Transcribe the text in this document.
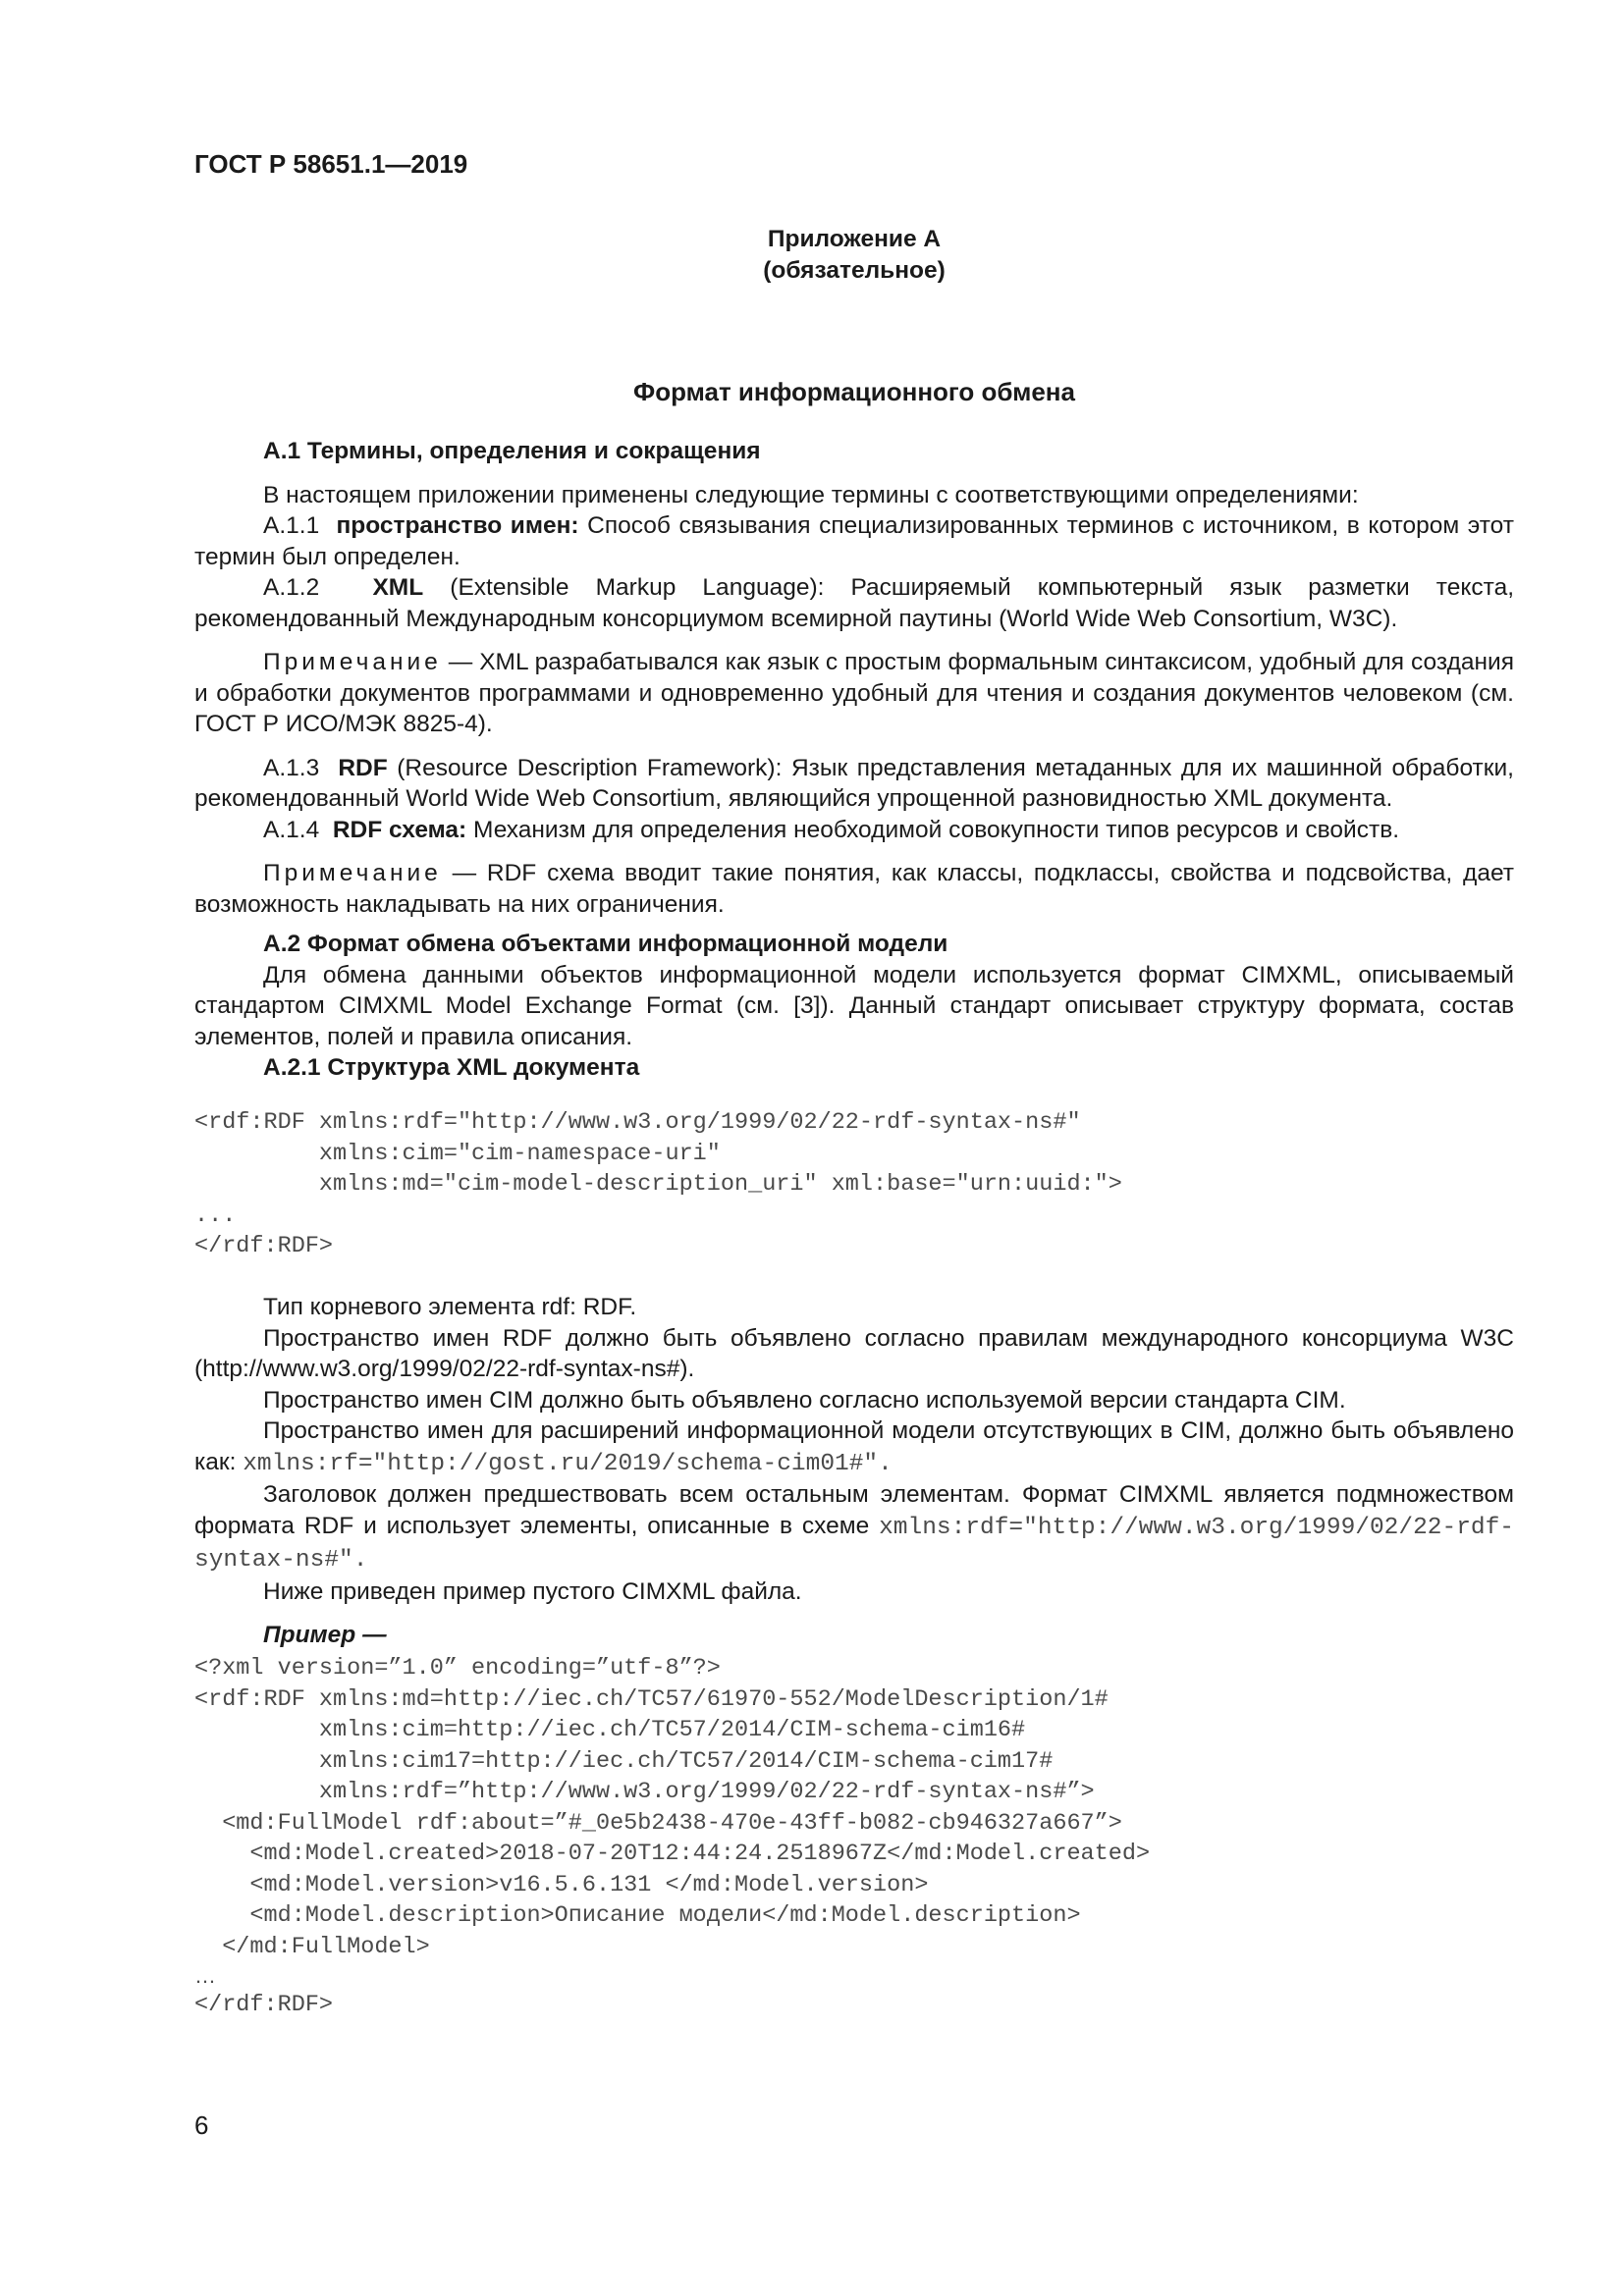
ГОСТ Р 58651.1—2019
Приложение А
(обязательное)
Формат информационного обмена

А.1 Термины, определения и сокращения

В настоящем приложении применены следующие термины с соответствующими определениями:

А.1.1 пространство имен: Способ связывания специализированных терминов с источником, в котором этот термин был определен.

А.1.2 XML (Extensible Markup Language): Расширяемый компьютерный язык разметки текста, рекомендованный Международным консорциумом всемирной паутины (World Wide Web Consortium, W3C).

Примечание — XML разрабатывался как язык с простым формальным синтаксисом, удобный для создания и обработки документов программами и одновременно удобный для чтения и создания документов человеком (см. ГОСТ Р ИСО/МЭК 8825-4).

А.1.3 RDF (Resource Description Framework): Язык представления метаданных для их машинной обработки, рекомендованный World Wide Web Consortium, являющийся упрощенной разновидностью XML документа.

А.1.4 RDF схема: Механизм для определения необходимой совокупности типов ресурсов и свойств.

Примечание — RDF схема вводит такие понятия, как классы, подклассы, свойства и подсвойства, дает возможность накладывать на них ограничения.

А.2 Формат обмена объектами информационной модели

Для обмена данными объектов информационной модели используется формат CIMXML, описываемый стандартом CIMXML Model Exchange Format (см. [3]). Данный стандарт описывает структуру формата, состав элементов, полей и правила описания.

А.2.1 Структура XML документа

<rdf:RDF xmlns:rdf="http://www.w3.org/1999/02/22-rdf-syntax-ns#"

xmlns:cim="cim-namespace-uri"

xmlns:md="cim-model-description_uri" xml:base="urn:uuid:">

...

</rdf:RDF>

Тип корневого элемента rdf: RDF.

Пространство имен RDF должно быть объявлено согласно правилам международного консорциума W3C (http://www.w3.org/1999/02/22-rdf-syntax-ns#).

Пространство имен CIM должно быть объявлено согласно используемой версии стандарта CIM.

Пространство имен для расширений информационной модели отсутствующих в CIM, должно быть объявлено как: xmlns:rf="http://gost.ru/2019/schema-cim01#".

Заголовок должен предшествовать всем остальным элементам. Формат CIMXML является подмножеством формата RDF и использует элементы, описанные в схеме xmlns:rdf="http://www.w3.org/1999/02/22-rdf-syntax-ns#".

Ниже приведен пример пустого CIMXML файла.

Пример —

<?xml version=”1.0” encoding=”utf-8”?>

<rdf:RDF xmlns:md=http://iec.ch/TC57/61970-552/ModelDescription/1#

xmlns:cim=http://iec.ch/TC57/2014/CIM-schema-cim16#

xmlns:cim17=http://iec.ch/TC57/2014/CIM-schema-cim17#

xmlns:rdf=”http://www.w3.org/1999/02/22-rdf-syntax-ns#”>

<md:FullModel rdf:about=”#_0e5b2438-470e-43ff-b082-cb946327a667”>

<md:Model.created>2018-07-20T12:44:24.2518967Z</md:Model.created>

<md:Model.version>v16.5.6.131 </md:Model.version>

<md:Model.description>Описание модели</md:Model.description>

</md:FullModel>

…

</rdf:RDF>

6
